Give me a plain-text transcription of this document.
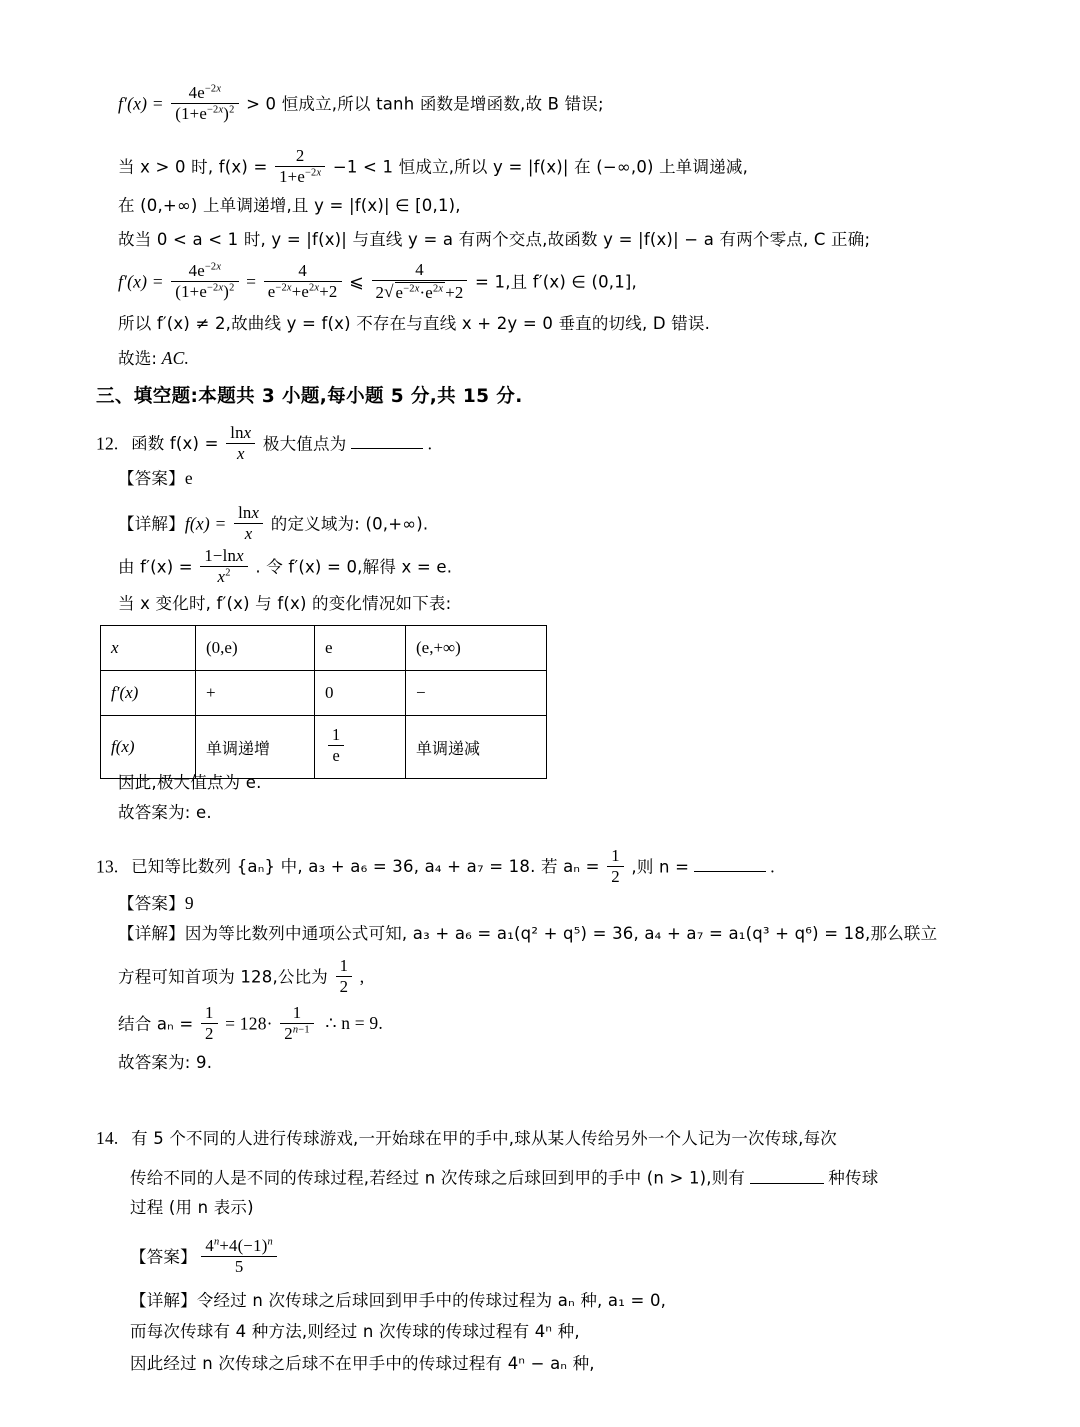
$f'(x) = \frac{4e^{-2x}}{(1+e^{-2x})^2} > 0$ 恒成立,所以 tanh 函数是增函数,故 B 错误;
当 x > 0 时, $f(x) = \frac{2}{1+e^{-2x}} -1 < 1$ 恒成立,所以 y = |f(x)| 在 (−∞,0) 上单调递减,
在 (0,+∞) 上单调递增,且 y = |f(x)| ∈ [0,1),
故当 0 < a < 1 时, y = |f(x)| 与直线 y = a 有两个交点,故函数 y = |f(x)| − a 有两个零点, C 正确;
$f'(x) = \frac{4e^{-2x}}{(1+e^{-2x})^2} = \frac{4}{e^{-2x}+e^{2x}+2}$ ⩽ $\frac{4}{2 √ e^{-2x}\cdot e^{2x} +2} = 1$,且 f′(x) ∈ (0,1],
所以 f′(x) ≠ 2,故曲线 y = f(x) 不存在与直线 x + 2y = 0 垂直的切线, D 错误.
故选: AC.
三、填空题:本题共 3 小题,每小题 5 分,共 15 分.
12. 函数 $f(x) = \frac{\ln x}{x}$ 极大值点为	.
【答案】e
【详解】$f(x) = \frac{\ln x}{x}$ 的定义域为: (0,+∞).
由 $f'(x) = \frac{1-\ln x}{x^2}$ . 令 f′(x) = 0,解得 x = e.
当 x 变化时, f′(x) 与 f(x) 的变化情况如下表:
x	(0,e)	e	(e,+∞)
f′(x)	+	0	−
f(x)	单调递增	$\frac{1}{e}$	单调递减
因此,极大值点为 e.
故答案为: e.
13. 已知等比数列 {aₙ} 中, a₃ + a₆ = 36, a₄ + a₇ = 18. 若 $a_n = \frac{1}{2}$ ,则 n =	.
【答案】9
【详解】因为等比数列中通项公式可知, a₃ + a₆ = a₁(q² + q⁵) = 36, a₄ + a₇ = a₁(q³ + q⁶) = 18,那么联立
方程可知首项为 128,公比为 $\frac{1}{2}$ ,
结合 $a_n = \frac{1}{2} = 128\cdot \frac{1}{2^{n-1}}$ ∴ n = 9.
故答案为: 9.
14. 有 5 个不同的人进行传球游戏,一开始球在甲的手中,球从某人传给另外一个人记为一次传球,每次
传给不同的人是不同的传球过程,若经过 n 次传球之后球回到甲的手中 (n > 1),则有	种传球
过程 (用 n 表示)
【答案】 $\frac{4^n+4(-1)^n}{5}$
【详解】令经过 n 次传球之后球回到甲手中的传球过程为 aₙ 种, a₁ = 0,
而每次传球有 4 种方法,则经过 n 次传球的传球过程有 4ⁿ 种,
因此经过 n 次传球之后球不在甲手中的传球过程有 4ⁿ − aₙ 种,
